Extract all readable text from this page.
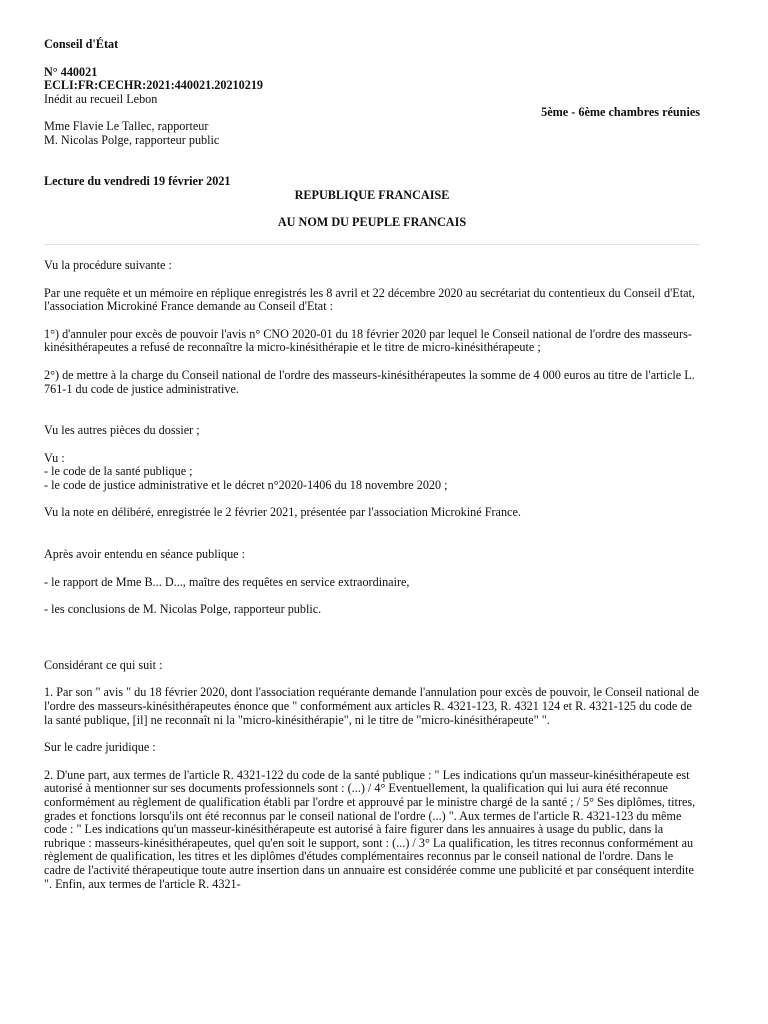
Conseil d'État

N° 440021

ECLI:FR:CECHR:2021:440021.20210219

Inédit au recueil Lebon

5ème - 6ème chambres réunies

Mme Flavie Le Tallec, rapporteur

M. Nicolas Polge, rapporteur public

Lecture du vendredi 19 février 2021

REPUBLIQUE FRANCAISE

AU NOM DU PEUPLE FRANCAIS

Vu la procédure suivante :

Par une requête et un mémoire en réplique enregistrés les 8 avril et 22 décembre 2020 au secrétariat du contentieux du Conseil d'Etat, l'association Microkiné France demande au Conseil d'Etat :

1°) d'annuler pour excès de pouvoir l'avis n° CNO 2020-01 du 18 février 2020 par lequel le Conseil national de l'ordre des masseurs-kinésithérapeutes a refusé de reconnaître la micro-kinésithérapie et le titre de micro-kinésithérapeute ;

2°) de mettre à la charge du Conseil national de l'ordre des masseurs-kinésithérapeutes la somme de 4 000 euros au titre de l'article L. 761-1 du code de justice administrative.

Vu les autres pièces du dossier ;

Vu :

- le code de la santé publique ;

- le code de justice administrative et le décret n°2020-1406 du 18 novembre 2020 ;

Vu la note en délibéré, enregistrée le 2 février 2021, présentée par l'association Microkiné France.

Après avoir entendu en séance publique :

- le rapport de Mme B... D..., maître des requêtes en service extraordinaire,

- les conclusions de M. Nicolas Polge, rapporteur public.

Considérant ce qui suit :

1. Par son " avis " du 18 février 2020, dont l'association requérante demande l'annulation pour excès de pouvoir, le Conseil national de l'ordre des masseurs-kinésithérapeutes énonce que " conformément aux articles R. 4321-123, R. 4321 124 et R. 4321-125 du code de la santé publique, [il] ne reconnaît ni la "micro-kinésithérapie", ni le titre de "micro-kinésithérapeute" ".

Sur le cadre juridique :

2. D'une part, aux termes de l'article R. 4321-122 du code de la santé publique : " Les indications qu'un masseur-kinésithérapeute est autorisé à mentionner sur ses documents professionnels sont : (...) / 4° Eventuellement, la qualification qui lui aura été reconnue conformément au règlement de qualification établi par l'ordre et approuvé par le ministre chargé de la santé ; / 5° Ses diplômes, titres, grades et fonctions lorsqu'ils ont été reconnus par le conseil national de l'ordre (...) ". Aux termes de l'article R. 4321-123 du même code : " Les indications qu'un masseur-kinésithérapeute est autorisé à faire figurer dans les annuaires à usage du public, dans la rubrique : masseurs-kinésithérapeutes, quel qu'en soit le support, sont : (...) / 3° La qualification, les titres reconnus conformément au règlement de qualification, les titres et les diplômes d'études complémentaires reconnus par le conseil national de l'ordre. Dans le cadre de l'activité thérapeutique toute autre insertion dans un annuaire est considérée comme une publicité et par conséquent interdite ". Enfin, aux termes de l'article R. 4321-
